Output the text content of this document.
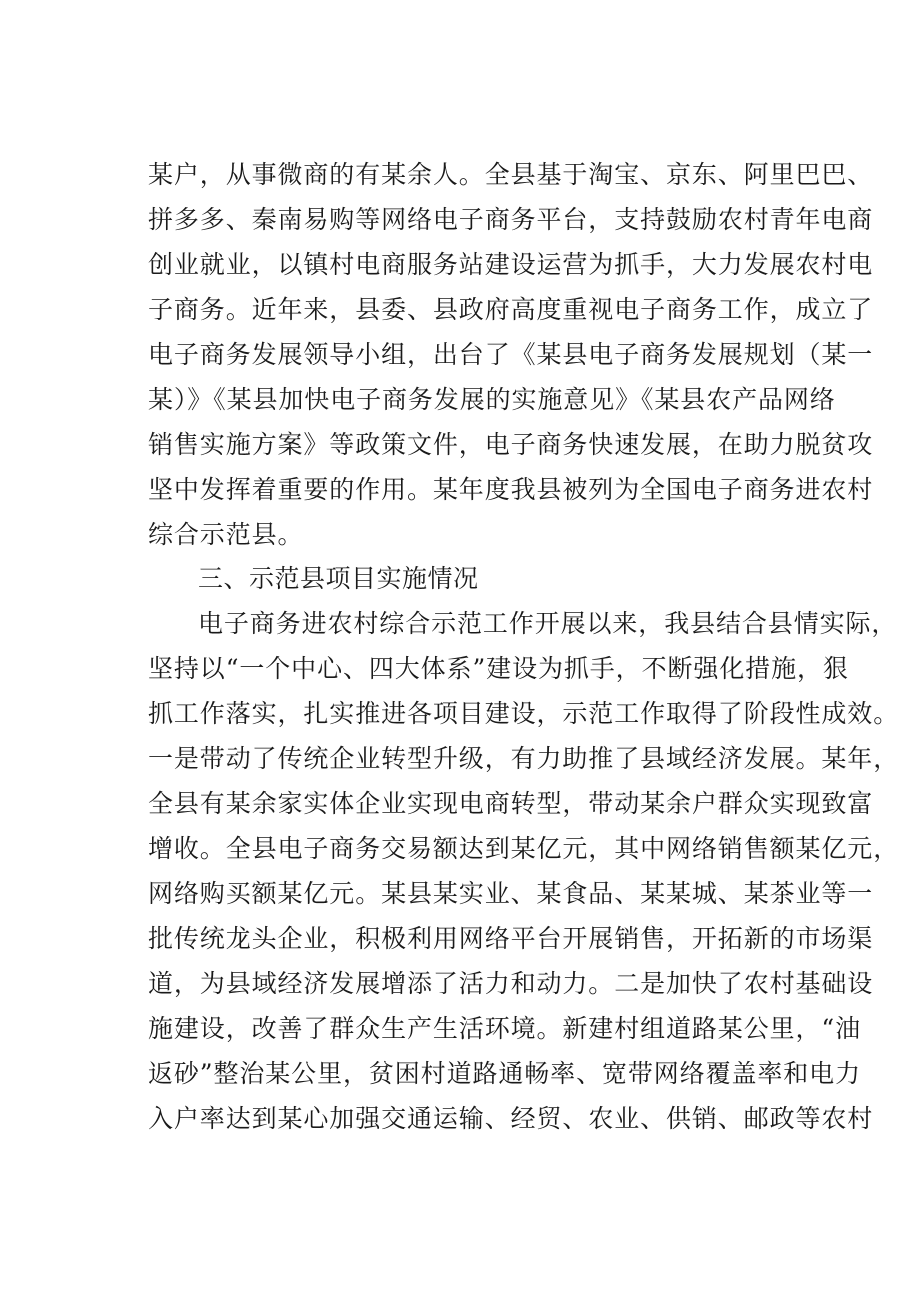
某户，从事微商的有某余人。全县基于淘宝、京东、阿里巴巴、
拼多多、秦南易购等网络电子商务平台，支持鼓励农村青年电商
创业就业，以镇村电商服务站建设运营为抓手，大力发展农村电
子商务。近年来，县委、县政府高度重视电子商务工作，成立了
电子商务发展领导小组，出台了《某县电子商务发展规划（某一
某）》《某县加快电子商务发展的实施意见》《某县农产品网络
销售实施方案》等政策文件，电子商务快速发展，在助力脱贫攻
坚中发挥着重要的作用。某年度我县被列为全国电子商务进农村
综合示范县。
三、示范县项目实施情况
电子商务进农村综合示范工作开展以来，我县结合县情实际，
坚持以“一个中心、四大体系”建设为抓手，不断强化措施，狠
抓工作落实，扎实推进各项目建设，示范工作取得了阶段性成效。
一是带动了传统企业转型升级，有力助推了县域经济发展。某年，
全县有某余家实体企业实现电商转型，带动某余户群众实现致富
增收。全县电子商务交易额达到某亿元，其中网络销售额某亿元，
网络购买额某亿元。某县某实业、某食品、某某城、某茶业等一
批传统龙头企业，积极利用网络平台开展销售，开拓新的市场渠
道，为县域经济发展增添了活力和动力。二是加快了农村基础设
施建设，改善了群众生产生活环境。新建村组道路某公里，“油
返砂”整治某公里，贫困村道路通畅率、宽带网络覆盖率和电力
入户率达到某心加强交通运输、经贸、农业、供销、邮政等农村
